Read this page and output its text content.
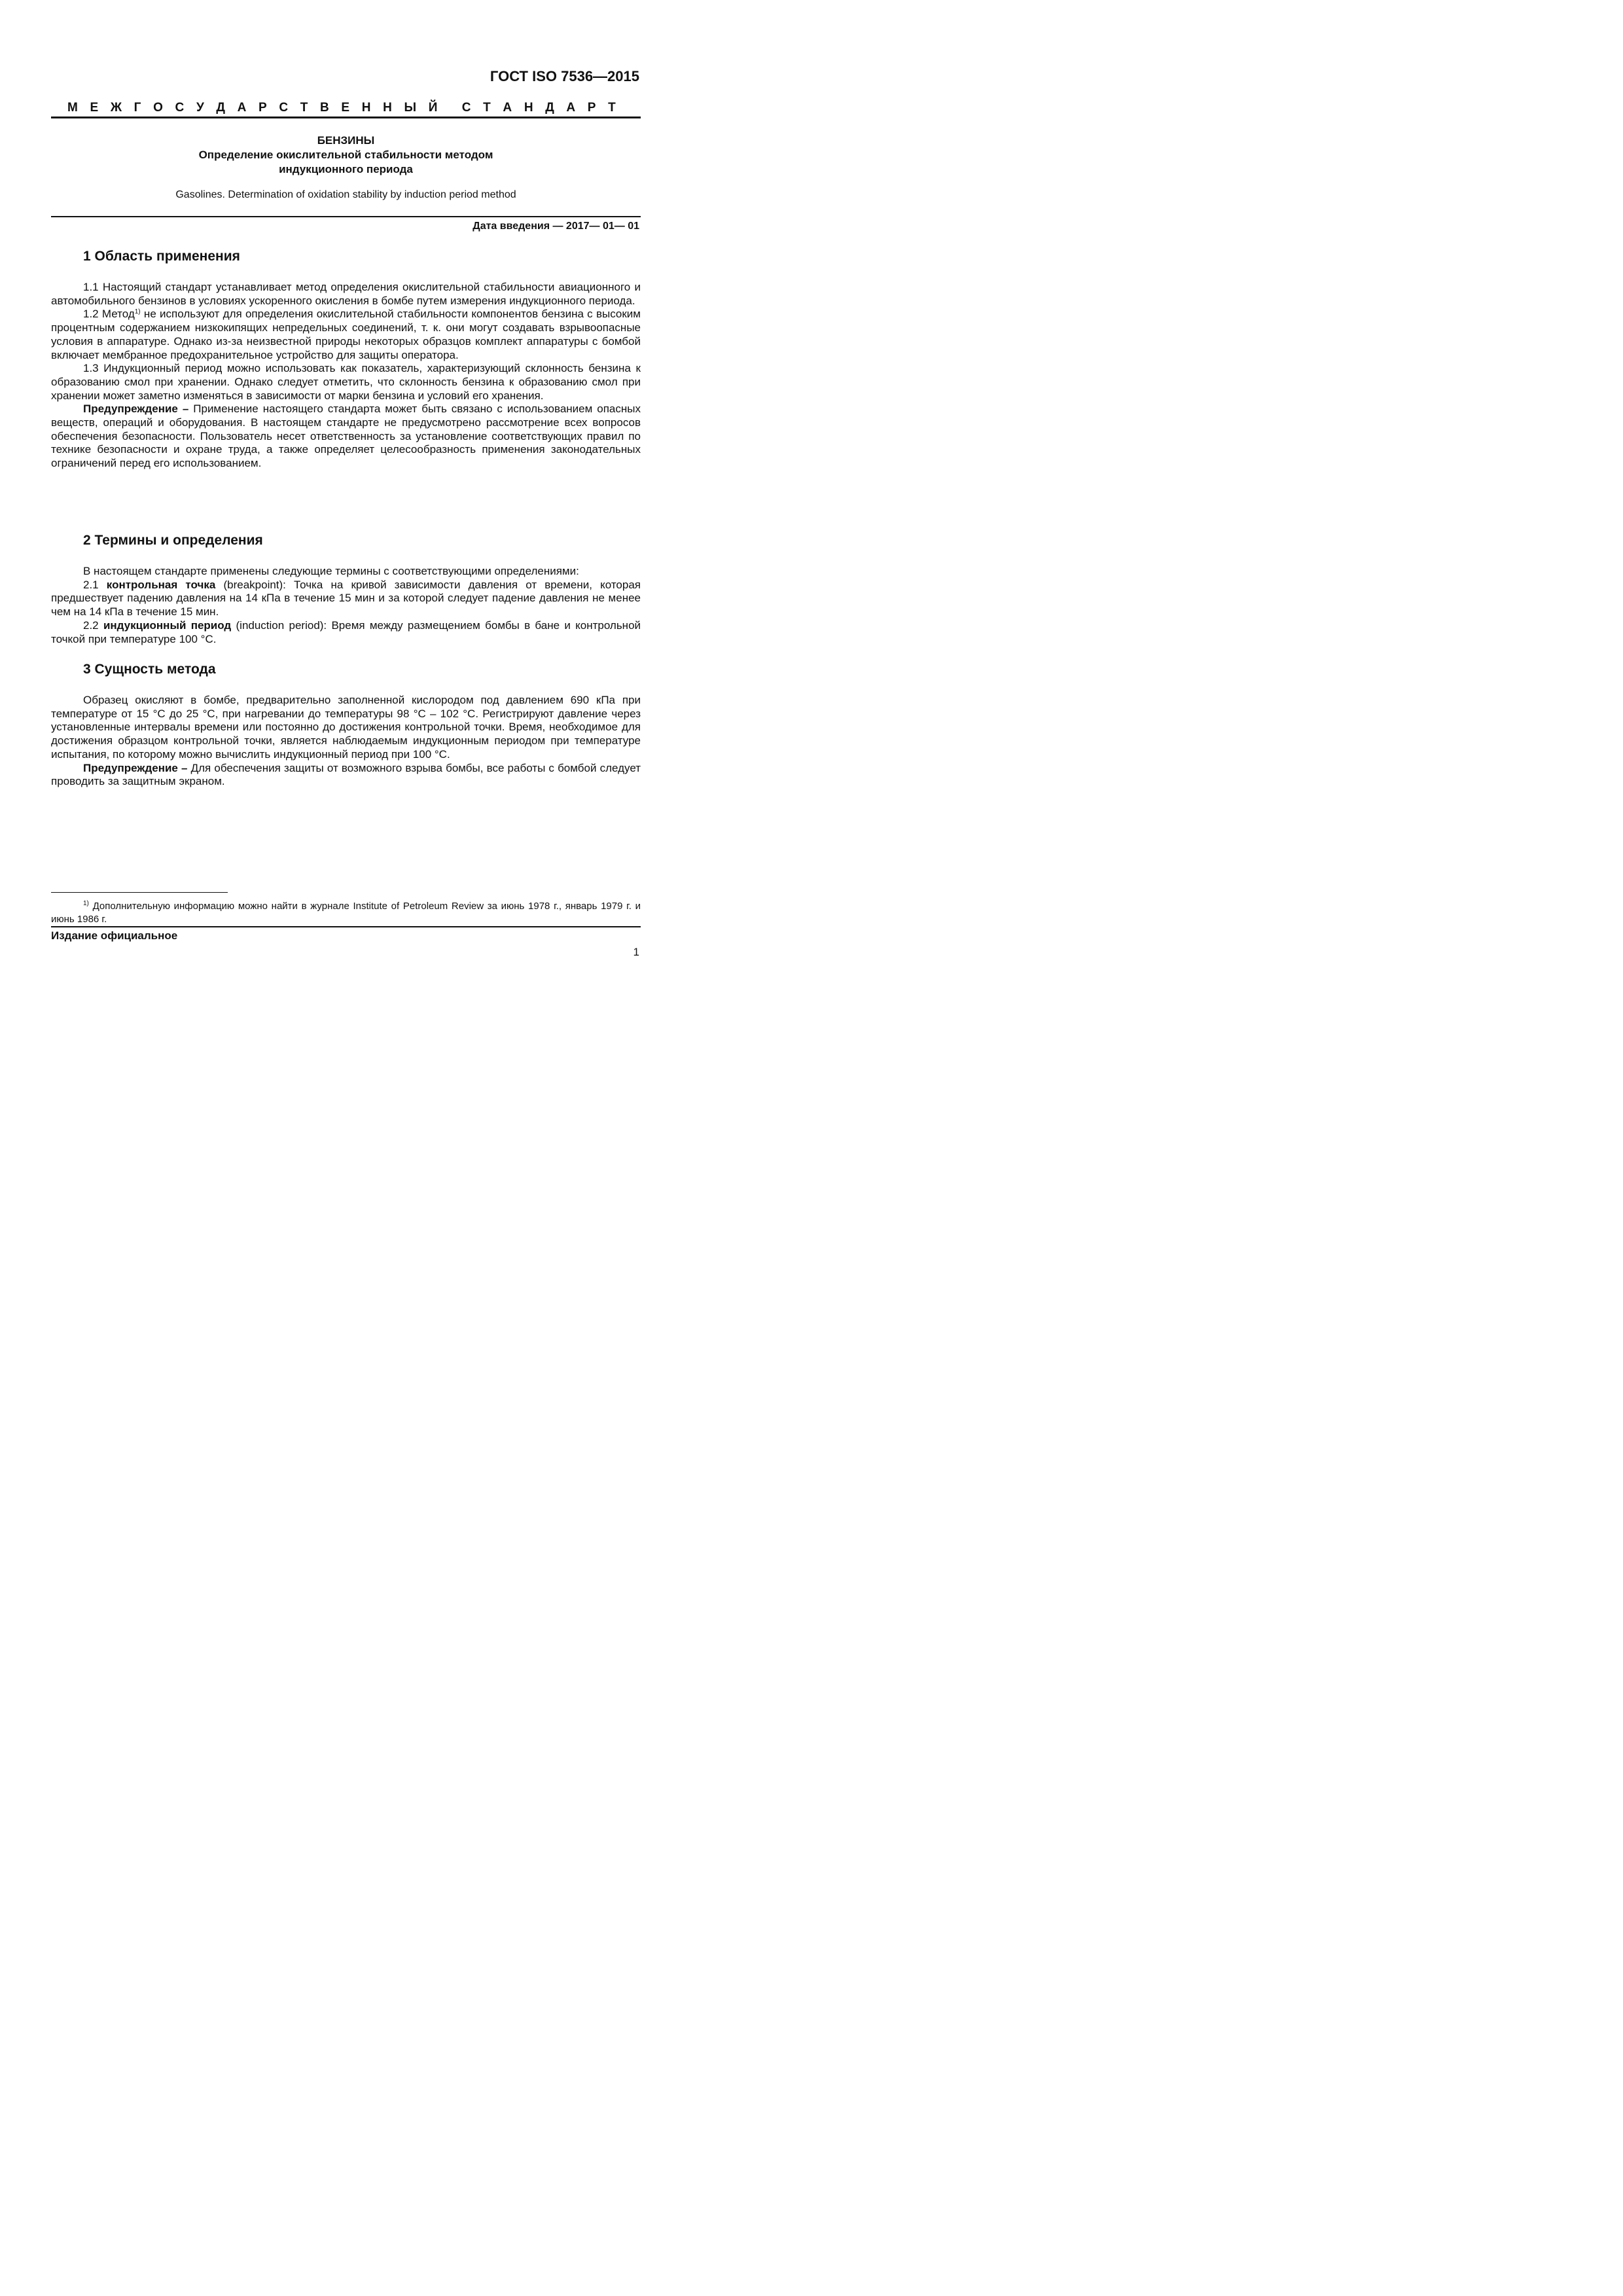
ГОСТ ISO 7536—2015
М Е Ж Г О С У Д А Р С Т В Е Н Н Ы Й С Т А Н Д А Р Т
БЕНЗИНЫ
Определение окислительной стабильности методом
индукционного периода
Gasolines. Determination of oxidation stability by induction period method
Дата введения — 2017— 01— 01
1 Область применения

1.1 Настоящий стандарт устанавливает метод определения окислительной стабильности авиационного и автомобильного бензинов в условиях ускоренного окисления в бомбе путем измерения индукционного периода.

1.2 Метод$^{1)}$ не используют для определения окислительной стабильности компонентов бензина с высоким процентным содержанием низкокипящих непредельных соединений, т. к. они могут создавать взрывоопасные условия в аппаратуре. Однако из-за неизвестной природы некоторых образцов комплект аппаратуры с бомбой включает мембранное предохранительное устройство для защиты оператора.

1.3 Индукционный период можно использовать как показатель, характеризующий склонность бензина к образованию смол при хранении. Однако следует отметить, что склонность бензина к образованию смол при хранении может заметно изменяться в зависимости от марки бензина и условий его хранения.

Предупреждение – Применение настоящего стандарта может быть связано с использованием опасных веществ, операций и оборудования. В настоящем стандарте не предусмотрено рассмотрение всех вопросов обеспечения безопасности. Пользователь несет ответственность за установление соответствующих правил по технике безопасности и охране труда, а также определяет целесообразность применения законодательных ограничений перед его использованием.

2 Термины и определения

В настоящем стандарте применены следующие термины с соответствующими определениями:

2.1 контрольная точка (breakpoint): Точка на кривой зависимости давления от времени, которая предшествует падению давления на 14 кПа в течение 15 мин и за которой следует падение давления не менее чем на 14 кПа в течение 15 мин.

2.2 индукционный период (induction period): Время между размещением бомбы в бане и контрольной точкой при температуре 100 °C.

3 Сущность метода

Образец окисляют в бомбе, предварительно заполненной кислородом под давлением 690 кПа при температуре от 15 °C до 25 °C, при нагревании до температуры 98 °C – 102 °C. Регистрируют давление через установленные интервалы времени или постоянно до достижения контрольной точки. Время, необходимое для достижения образцом контрольной точки, является наблюдаемым индукционным периодом при температуре испытания, по которому можно вычислить индукционный период при 100 °C.

Предупреждение – Для обеспечения защиты от возможного взрыва бомбы, все работы с бомбой следует проводить за защитным экраном.

$^{1)}$ Дополнительную информацию можно найти в журнале Institute of Petroleum Review за июнь 1978 г., январь 1979 г. и июнь 1986 г.
Издание официальное
1
